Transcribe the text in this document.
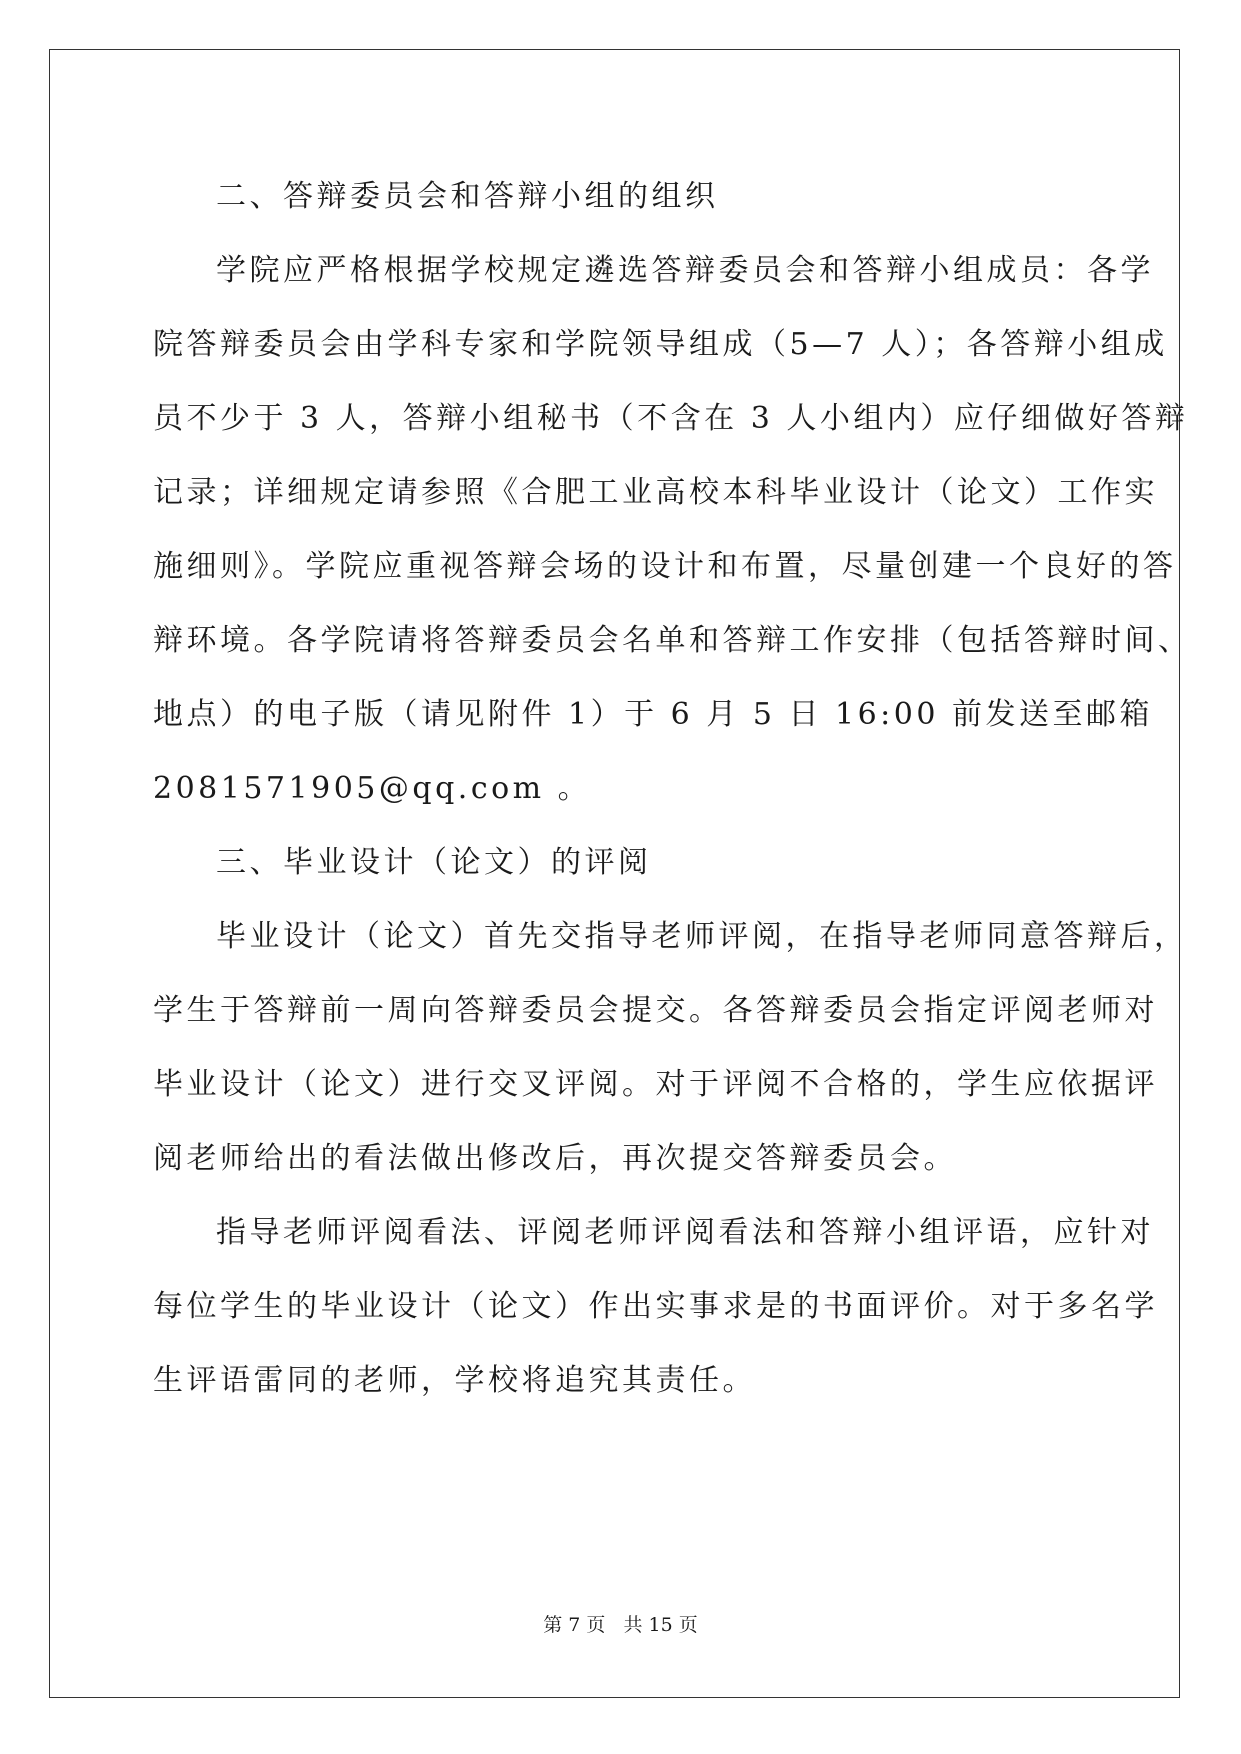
二、答辩委员会和答辩小组的组织
学院应严格根据学校规定遴选答辩委员会和答辩小组成员：各学
院答辩委员会由学科专家和学院领导组成（5—7 人）；各答辩小组成
员不少于 3 人，答辩小组秘书（不含在 3 人小组内）应仔细做好答辩
记录；详细规定请参照《合肥工业高校本科毕业设计（论文）工作实
施细则》。学院应重视答辩会场的设计和布置，尽量创建一个良好的答
辩环境。各学院请将答辩委员会名单和答辩工作安排（包括答辩时间、
地点）的电子版（请见附件 1）于 6 月 5 日 16:00 前发送至邮箱
2081571905@qq.com 。
三、毕业设计（论文）的评阅
毕业设计（论文）首先交指导老师评阅，在指导老师同意答辩后，
学生于答辩前一周向答辩委员会提交。各答辩委员会指定评阅老师对
毕业设计（论文）进行交叉评阅。对于评阅不合格的，学生应依据评
阅老师给出的看法做出修改后，再次提交答辩委员会。
指导老师评阅看法、评阅老师评阅看法和答辩小组评语，应针对
每位学生的毕业设计（论文）作出实事求是的书面评价。对于多名学
生评语雷同的老师，学校将追究其责任。
第 7 页 共 15 页
